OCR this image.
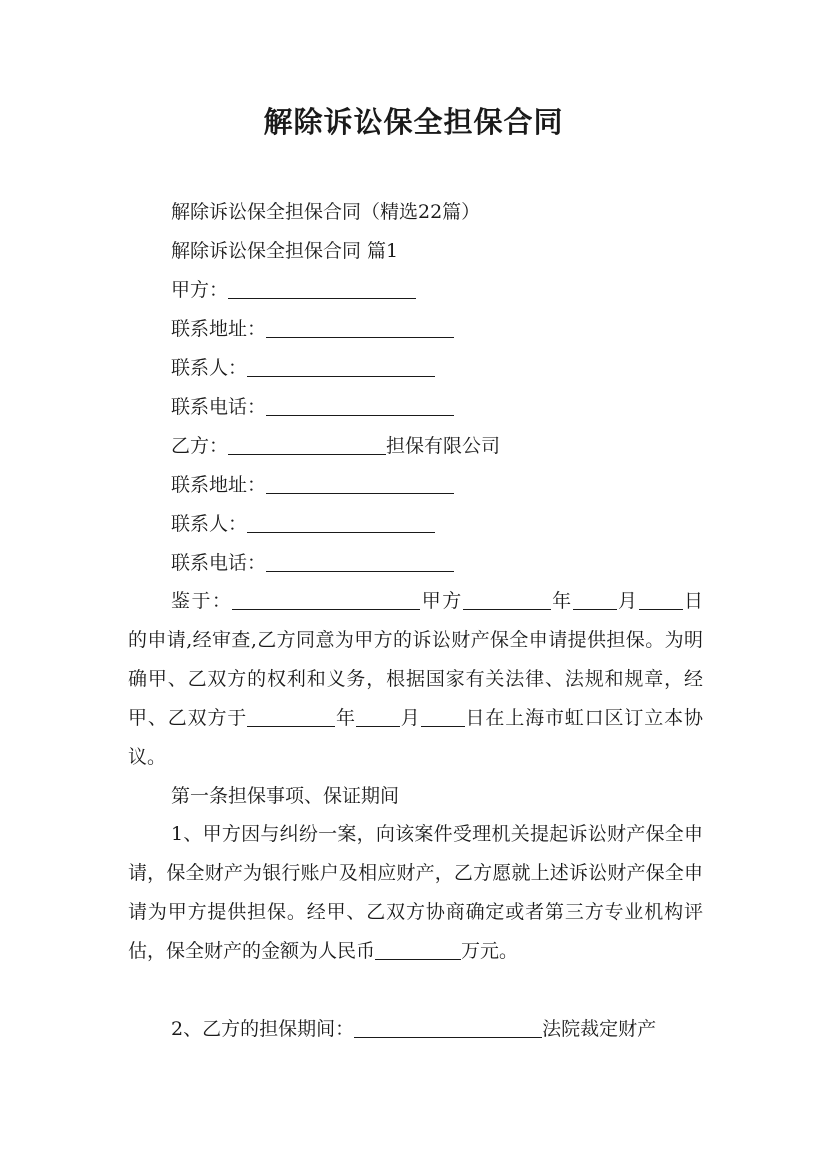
解除诉讼保全担保合同
解除诉讼保全担保合同（精选22篇）
解除诉讼保全担保合同 篇1
甲方：
联系地址：
联系人：
联系电话：
乙方：	担保有限公司
联系地址：
联系人：
联系电话：
鉴于：	甲方	年 月 日的申请,经审查,乙方同意为甲方的诉讼财产保全申请提供担保。为明确甲、乙双方的权利和义务，根据国家有关法律、法规和规章，经甲、乙双方于	年 月 日在上海市虹口区订立本协议。
第一条担保事项、保证期间
1、甲方因与纠纷一案，向该案件受理机关提起诉讼财产保全申请，保全财产为银行账户及相应财产，乙方愿就上述诉讼财产保全申请为甲方提供担保。经甲、乙双方协商确定或者第三方专业机构评估，保全财产的金额为人民币	万元。
2、乙方的担保期间：	法院裁定财产
